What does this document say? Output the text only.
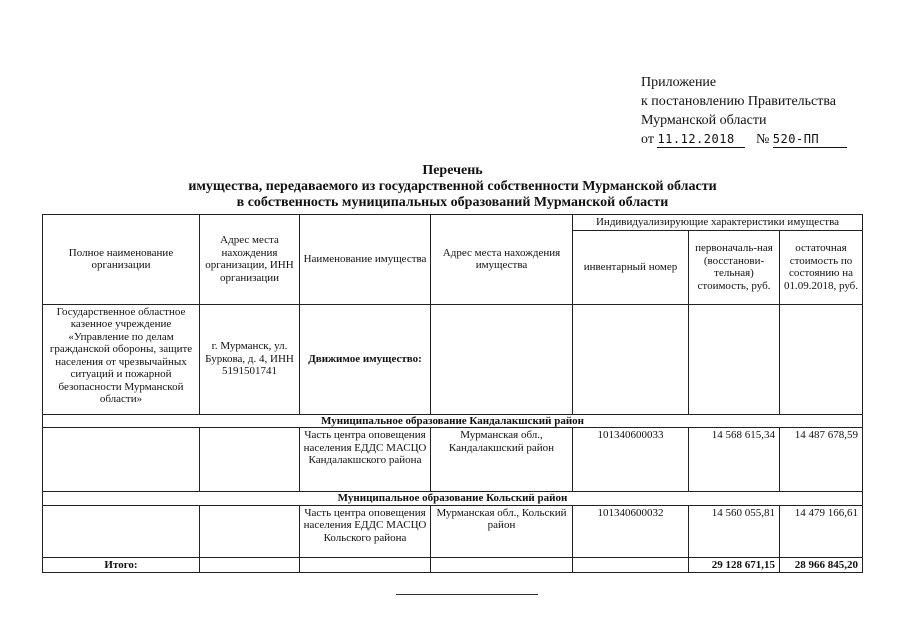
Приложение
к постановлению Правительства
Мурманской области
от 11.12.2018 № 520-ПП
Перечень
имущества, передаваемого из государственной собственности Мурманской области
в собственность муниципальных образований Мурманской области
Полное наименование организации	Адрес места нахождения организации, ИНН организации	Наименование имущества	Адрес места нахождения имущества	Индивидуализирующие характеристики имущества		
				инвентарный номер	первоначаль-ная (восстанови-тельная) стоимость, руб.	остаточная стоимость по состоянию на 01.09.2018, руб.
Государственное областное казенное учреждение «Управление по делам гражданской обороны, защите населения от чрезвычайных ситуаций и пожарной безопасности Мурманской области»	г. Мурманск, ул. Буркова, д. 4, ИНН 5191501741	Движимое имущество:				
Муниципальное образование Кандалакшский район						
		Часть центра оповещения населения ЕДДС МАСЦО Кандалакшского района	Мурманская обл., Кандалакшский район	101340600033	14 568 615,34	14 487 678,59
Муниципальное образование Кольский район						
		Часть центра оповещения населения ЕДДС МАСЦО Кольского района	Мурманская обл., Кольский район	101340600032	14 560 055,81	14 479 166,61
Итого:					29 128 671,15	28 966 845,20
